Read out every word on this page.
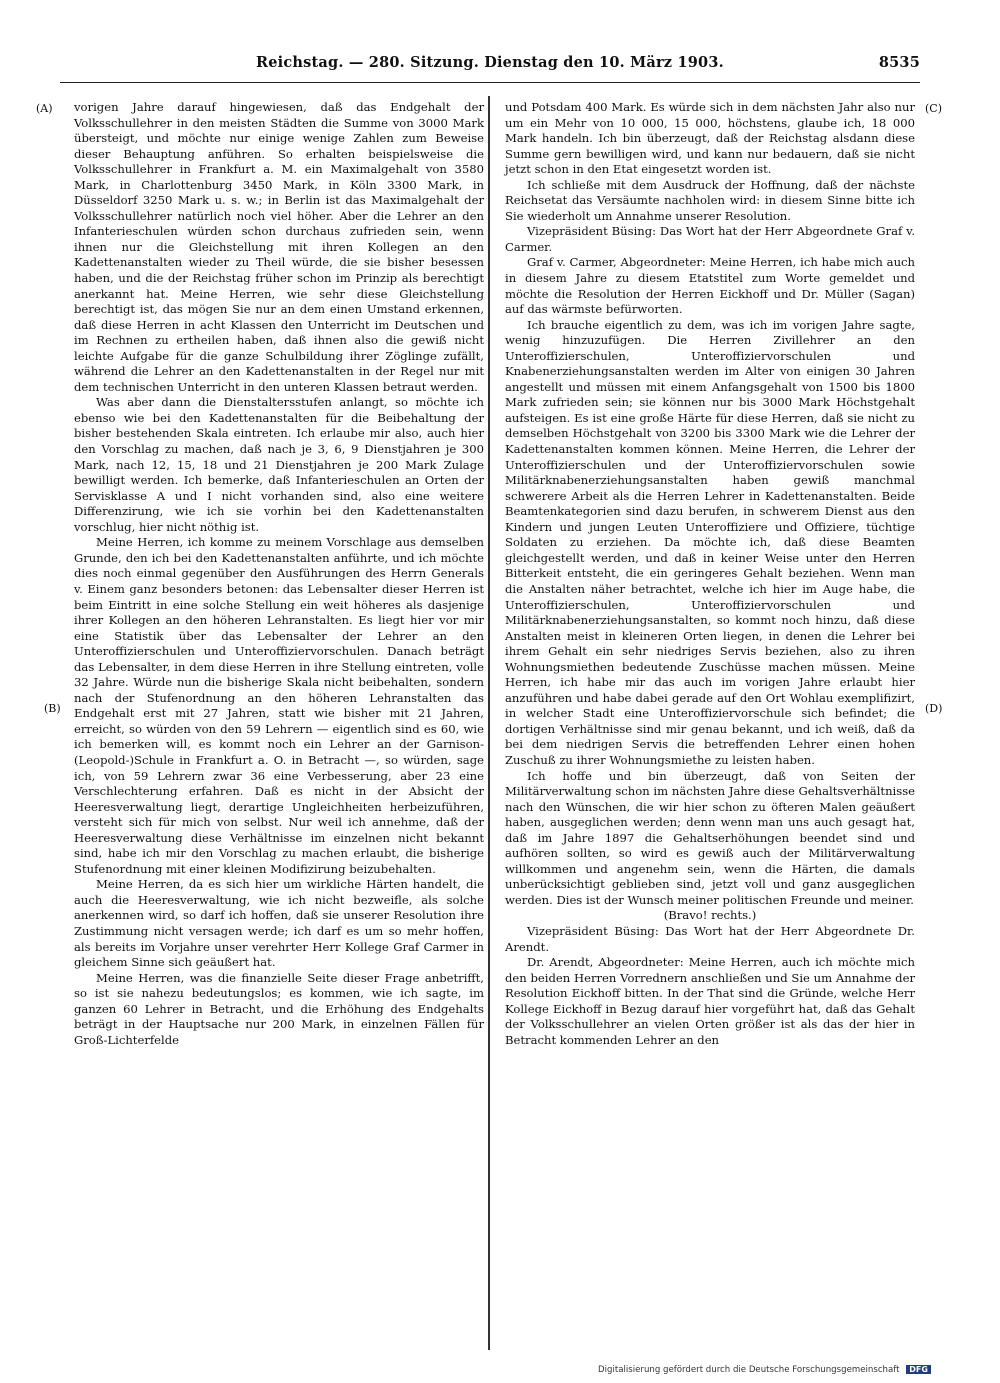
Reichstag. — 280. Sitzung. Dienstag den 10. März 1903.	8535
(A)
(B)
(C)
(D)

vorigen Jahre darauf hingewiesen, daß das Endgehalt der Volksschullehrer in den meisten Städten die Summe von 3000 Mark übersteigt, und möchte nur einige wenige Zahlen zum Beweise dieser Behauptung anführen. So erhalten beispielsweise die Volksschullehrer in Frankfurt a. M. ein Maximalgehalt von 3580 Mark, in Charlottenburg 3450 Mark, in Köln 3300 Mark, in Düsseldorf 3250 Mark u. s. w.; in Berlin ist das Maximalgehalt der Volksschullehrer natürlich noch viel höher. Aber die Lehrer an den Infanterieschulen würden schon durchaus zufrieden sein, wenn ihnen nur die Gleichstellung mit ihren Kollegen an den Kadettenanstalten wieder zu Theil würde, die sie bisher besessen haben, und die der Reichstag früher schon im Prinzip als berechtigt anerkannt hat. Meine Herren, wie sehr diese Gleichstellung berechtigt ist, das mögen Sie nur an dem einen Umstand erkennen, daß diese Herren in acht Klassen den Unterricht im Deutschen und im Rechnen zu ertheilen haben, daß ihnen also die gewiß nicht leichte Aufgabe für die ganze Schulbildung ihrer Zöglinge zufällt, während die Lehrer an den Kadettenanstalten in der Regel nur mit dem technischen Unterricht in den unteren Klassen betraut werden.

Was aber dann die Dienstaltersstufen anlangt, so möchte ich ebenso wie bei den Kadettenanstalten für die Beibehaltung der bisher bestehenden Skala eintreten. Ich erlaube mir also, auch hier den Vorschlag zu machen, daß nach je 3, 6, 9 Dienstjahren je 300 Mark, nach 12, 15, 18 und 21 Dienstjahren je 200 Mark Zulage bewilligt werden. Ich bemerke, daß Infanterieschulen an Orten der Servisklasse A und I nicht vorhanden sind, also eine weitere Differenzirung, wie ich sie vorhin bei den Kadettenanstalten vorschlug, hier nicht nöthig ist.

Meine Herren, ich komme zu meinem Vorschlage aus demselben Grunde, den ich bei den Kadettenanstalten anführte, und ich möchte dies noch einmal gegenüber den Ausführungen des Herrn Generals v. Einem ganz besonders betonen: das Lebensalter dieser Herren ist beim Eintritt in eine solche Stellung ein weit höheres als dasjenige ihrer Kollegen an den höheren Lehranstalten. Es liegt hier vor mir eine Statistik über das Lebensalter der Lehrer an den Unteroffizierschulen und Unteroffiziervorschulen. Danach beträgt das Lebensalter, in dem diese Herren in ihre Stellung eintreten, volle 32 Jahre. Würde nun die bisherige Skala nicht beibehalten, sondern nach der Stufenordnung an den höheren Lehranstalten das Endgehalt erst mit 27 Jahren, statt wie bisher mit 21 Jahren, erreicht, so würden von den 59 Lehrern — eigentlich sind es 60, wie ich bemerken will, es kommt noch ein Lehrer an der Garnison-(Leopold-)Schule in Frankfurt a. O. in Betracht —, so würden, sage ich, von 59 Lehrern zwar 36 eine Verbesserung, aber 23 eine Verschlechterung erfahren. Daß es nicht in der Absicht der Heeresverwaltung liegt, derartige Ungleichheiten herbeizuführen, versteht sich für mich von selbst. Nur weil ich annehme, daß der Heeresverwaltung diese Verhältnisse im einzelnen nicht bekannt sind, habe ich mir den Vorschlag zu machen erlaubt, die bisherige Stufenordnung mit einer kleinen Modifizirung beizubehalten.

Meine Herren, da es sich hier um wirkliche Härten handelt, die auch die Heeresverwaltung, wie ich nicht bezweifle, als solche anerkennen wird, so darf ich hoffen, daß sie unserer Resolution ihre Zustimmung nicht versagen werde; ich darf es um so mehr hoffen, als bereits im Vorjahre unser verehrter Herr Kollege Graf Carmer in gleichem Sinne sich geäußert hat.

Meine Herren, was die finanzielle Seite dieser Frage anbetrifft, so ist sie nahezu bedeutungslos; es kommen, wie ich sagte, im ganzen 60 Lehrer in Betracht, und die Erhöhung des Endgehalts beträgt in der Hauptsache nur 200 Mark, in einzelnen Fällen für Groß-Lichterfelde

und Potsdam 400 Mark. Es würde sich in dem nächsten Jahr also nur um ein Mehr von 10 000, 15 000, höchstens, glaube ich, 18 000 Mark handeln. Ich bin überzeugt, daß der Reichstag alsdann diese Summe gern bewilligen wird, und kann nur bedauern, daß sie nicht jetzt schon in den Etat eingesetzt worden ist.

Ich schließe mit dem Ausdruck der Hoffnung, daß der nächste Reichsetat das Versäumte nachholen wird: in diesem Sinne bitte ich Sie wiederholt um Annahme unserer Resolution.

Vizepräsident Büsing: Das Wort hat der Herr Abgeordnete Graf v. Carmer.

Graf v. Carmer, Abgeordneter: Meine Herren, ich habe mich auch in diesem Jahre zu diesem Etatstitel zum Worte gemeldet und möchte die Resolution der Herren Eickhoff und Dr. Müller (Sagan) auf das wärmste befürworten.

Ich brauche eigentlich zu dem, was ich im vorigen Jahre sagte, wenig hinzuzufügen. Die Herren Zivillehrer an den Unteroffizierschulen, Unteroffiziervorschulen und Knabenerziehungsanstalten werden im Alter von einigen 30 Jahren angestellt und müssen mit einem Anfangsgehalt von 1500 bis 1800 Mark zufrieden sein; sie können nur bis 3000 Mark Höchstgehalt aufsteigen. Es ist eine große Härte für diese Herren, daß sie nicht zu demselben Höchstgehalt von 3200 bis 3300 Mark wie die Lehrer der Kadettenanstalten kommen können. Meine Herren, die Lehrer der Unteroffizierschulen und der Unteroffiziervorschulen sowie Militärknabenerziehungsanstalten haben gewiß manchmal schwerere Arbeit als die Herren Lehrer in Kadettenanstalten. Beide Beamtenkategorien sind dazu berufen, in schwerem Dienst aus den Kindern und jungen Leuten Unteroffiziere und Offiziere, tüchtige Soldaten zu erziehen. Da möchte ich, daß diese Beamten gleichgestellt werden, und daß in keiner Weise unter den Herren Bitterkeit entsteht, die ein geringeres Gehalt beziehen. Wenn man die Anstalten näher betrachtet, welche ich hier im Auge habe, die Unteroffizierschulen, Unteroffiziervorschulen und Militärknabenerziehungsanstalten, so kommt noch hinzu, daß diese Anstalten meist in kleineren Orten liegen, in denen die Lehrer bei ihrem Gehalt ein sehr niedriges Servis beziehen, also zu ihren Wohnungsmiethen bedeutende Zuschüsse machen müssen. Meine Herren, ich habe mir das auch im vorigen Jahre erlaubt hier anzuführen und habe dabei gerade auf den Ort Wohlau exemplifizirt, in welcher Stadt eine Unteroffiziervorschule sich befindet; die dortigen Verhältnisse sind mir genau bekannt, und ich weiß, daß da bei dem niedrigen Servis die betreffenden Lehrer einen hohen Zuschuß zu ihrer Wohnungsmiethe zu leisten haben.

Ich hoffe und bin überzeugt, daß von Seiten der Militärverwaltung schon im nächsten Jahre diese Gehaltsverhältnisse nach den Wünschen, die wir hier schon zu öfteren Malen geäußert haben, ausgeglichen werden; denn wenn man uns auch gesagt hat, daß im Jahre 1897 die Gehaltserhöhungen beendet sind und aufhören sollten, so wird es gewiß auch der Militärverwaltung willkommen und angenehm sein, wenn die Härten, die damals unberücksichtigt geblieben sind, jetzt voll und ganz ausgeglichen werden. Dies ist der Wunsch meiner politischen Freunde und meiner.

(Bravo! rechts.)

Vizepräsident Büsing: Das Wort hat der Herr Abgeordnete Dr. Arendt.

Dr. Arendt, Abgeordneter: Meine Herren, auch ich möchte mich den beiden Herren Vorrednern anschließen und Sie um Annahme der Resolution Eickhoff bitten. In der That sind die Gründe, welche Herr Kollege Eickhoff in Bezug darauf hier vorgeführt hat, daß das Gehalt der Volksschullehrer an vielen Orten größer ist als das der hier in Betracht kommenden Lehrer an den

Digitalisierung gefördert durch die Deutsche Forschungsgemeinschaft DFG
